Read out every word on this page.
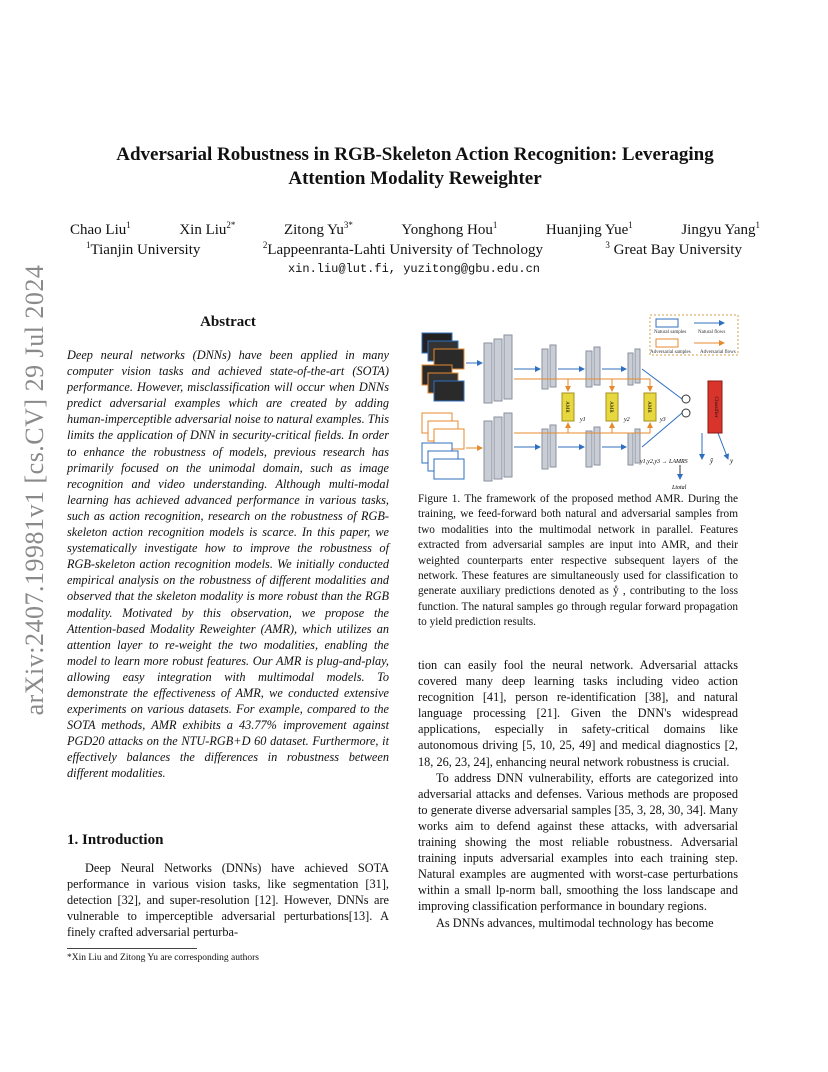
arXiv:2407.19981v1 [cs.CV] 29 Jul 2024
Adversarial Robustness in RGB-Skeleton Action Recognition: Leveraging
Attention Modality Reweighter
Chao Liu$^1$	Xin Liu$^{2*}$	Zitong $Yu^{3*}$	Yonghong Hou$^1$	Huanjing Yue$^1$	Jingyu Yang$^1$
$^1$Tianjin University	$^2$Lappeenranta-Lahti University of Technology	$^3$ Great Bay University
xin.liu@lut.fi, yuzitong@gbu.edu.cn
Abstract
Deep neural networks (DNNs) have been applied in many computer vision tasks and achieved state-of-the-art (SOTA) performance. However, misclassification will occur when DNNs predict adversarial examples which are created by adding human-imperceptible adversarial noise to natural examples. This limits the application of DNN in security-critical fields. In order to enhance the robustness of models, previous research has primarily focused on the unimodal domain, such as image recognition and video understanding. Although multi-modal learning has achieved advanced performance in various tasks, such as action recognition, research on the robustness of RGB-skeleton action recognition models is scarce. In this paper, we systematically investigate how to improve the robustness of RGB-skeleton action recognition models. We initially conducted empirical analysis on the robustness of different modalities and observed that the skeleton modality is more robust than the RGB modality. Motivated by this observation, we propose the Attention-based Modality Reweighter (AMR), which utilizes an attention layer to re-weight the two modalities, enabling the model to learn more robust features. Our AMR is plug-and-play, allowing easy integration with multimodal models. To demonstrate the effectiveness of AMR, we conducted extensive experiments on various datasets. For example, compared to the SOTA methods, AMR exhibits a 43.77% improvement against PGD20 attacks on the NTU-RGB+D 60 dataset. Furthermore, it effectively balances the differences in robustness between different modalities.
1. Introduction
Deep Neural Networks (DNNs) have achieved SOTA performance in various vision tasks, like segmentation [31], detection [32], and super-resolution [12]. However, DNNs are vulnerable to imperceptible adversarial perturbations[13]. A finely crafted adversarial perturba-
*Xin Liu and Zitong Yu are corresponding authors
Natural samples Natural flows
Adversarial samples Adversarial flows
AMR	AMR	AMR
y1	y2	y3
Classifier
y1,y2,y3 → LAMRS	ŷ y
Ltotal
Figure 1. The framework of the proposed method AMR. During the training, we feed-forward both natural and adversarial samples from two modalities into the multimodal network in parallel. Features extracted from adversarial samples are input into AMR, and their weighted counterparts enter respective subsequent layers of the network. These features are simultaneously used for classification to generate auxiliary predictions denoted as ẙ , contributing to the loss function. The natural samples go through regular forward propagation to yield prediction results.

tion can easily fool the neural network. Adversarial attacks covered many deep learning tasks including video action recognition [41], person re-identification [38], and natural language processing [21]. Given the DNN's widespread applications, especially in safety-critical domains like autonomous driving [5, 10, 25, 49] and medical diagnostics [2, 18, 26, 23, 24], enhancing neural network robustness is crucial.

To address DNN vulnerability, efforts are categorized into adversarial attacks and defenses. Various methods are proposed to generate diverse adversarial samples [35, 3, 28, 30, 34]. Many works aim to defend against these attacks, with adversarial training showing the most reliable robustness. Adversarial training inputs adversarial examples into each training step. Natural examples are augmented with worst-case perturbations within a small lp-norm ball, smoothing the loss landscape and improving classification performance in boundary regions.

As DNNs advances, multimodal technology has become
